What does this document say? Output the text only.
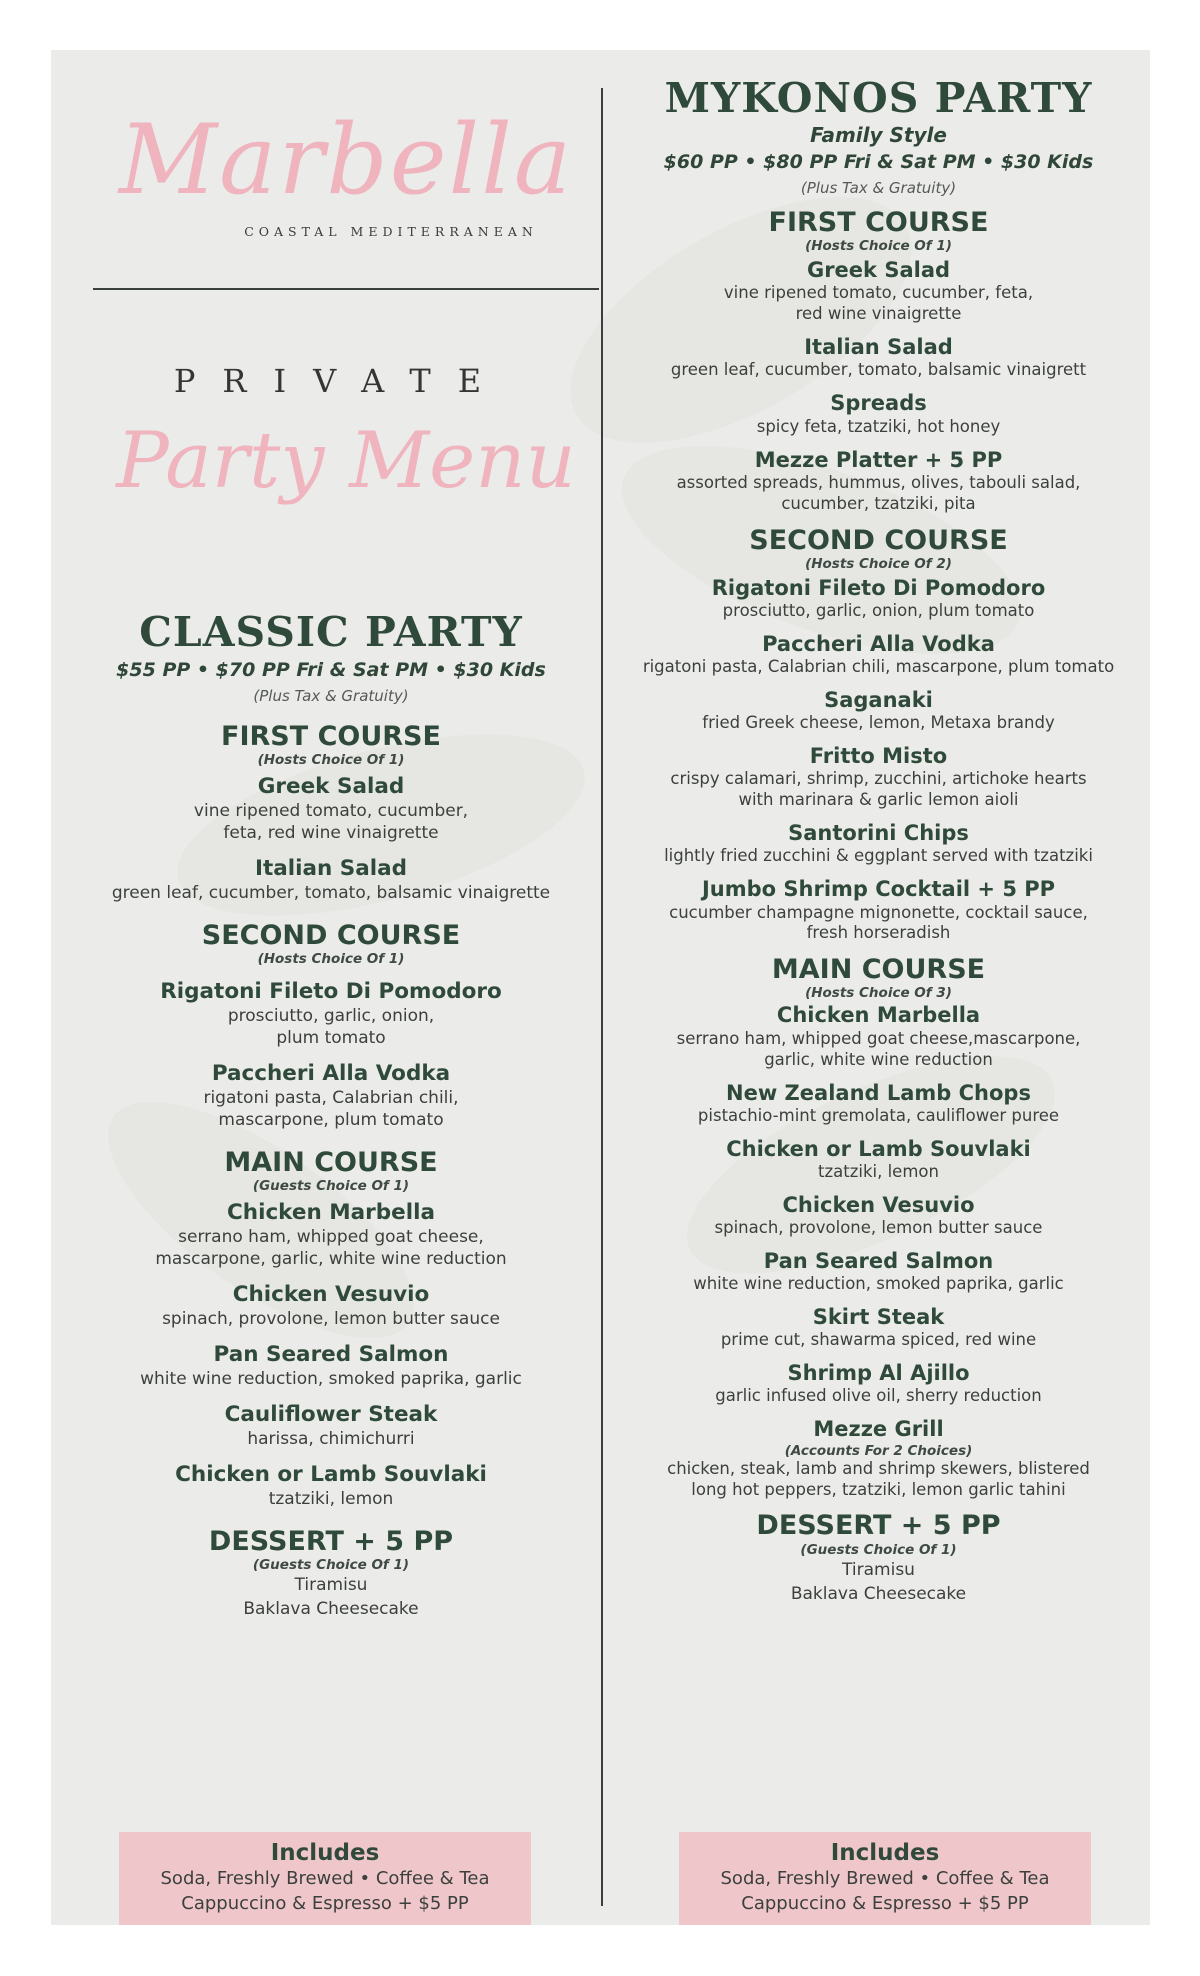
Marbella
COASTAL MEDITERRANEAN
PRIVATE
Party Menu
CLASSIC PARTY
$55 PP • $70 PP Fri & Sat PM • $30 Kids
(Plus Tax & Gratuity)
FIRST COURSE
(Hosts Choice Of 1)
Greek Salad
vine ripened tomato, cucumber,
feta, red wine vinaigrette
Italian Salad
green leaf, cucumber, tomato, balsamic vinaigrette
SECOND COURSE
(Hosts Choice Of 1)
Rigatoni Fileto Di Pomodoro
prosciutto, garlic, onion,
plum tomato
Paccheri Alla Vodka
rigatoni pasta, Calabrian chili,
mascarpone, plum tomato
MAIN COURSE
(Guests Choice Of 1)
Chicken Marbella
serrano ham, whipped goat cheese,
mascarpone, garlic, white wine reduction
Chicken Vesuvio
spinach, provolone, lemon butter sauce
Pan Seared Salmon
white wine reduction, smoked paprika, garlic
Cauliflower Steak
harissa, chimichurri
Chicken or Lamb Souvlaki
tzatziki, lemon
DESSERT + 5 PP
(Guests Choice Of 1)
Tiramisu
Baklava Cheesecake
Includes
Soda, Freshly Brewed • Coffee & Tea
Cappuccino & Espresso + $5 PP
MYKONOS PARTY
Family Style
$60 PP • $80 PP Fri & Sat PM • $30 Kids
(Plus Tax & Gratuity)
FIRST COURSE
(Hosts Choice Of 1)
Greek Salad
vine ripened tomato, cucumber, feta,
red wine vinaigrette
Italian Salad
green leaf, cucumber, tomato, balsamic vinaigrett
Spreads
spicy feta, tzatziki, hot honey
Mezze Platter + 5 PP
assorted spreads, hummus, olives, tabouli salad,
cucumber, tzatziki, pita
SECOND COURSE
(Hosts Choice Of 2)
Rigatoni Fileto Di Pomodoro
prosciutto, garlic, onion, plum tomato
Paccheri Alla Vodka
rigatoni pasta, Calabrian chili, mascarpone, plum tomato
Saganaki
fried Greek cheese, lemon, Metaxa brandy
Fritto Misto
crispy calamari, shrimp, zucchini, artichoke hearts
with marinara & garlic lemon aioli
Santorini Chips
lightly fried zucchini & eggplant served with tzatziki
Jumbo Shrimp Cocktail + 5 PP
cucumber champagne mignonette, cocktail sauce,
fresh horseradish
MAIN COURSE
(Hosts Choice Of 3)
Chicken Marbella
serrano ham, whipped goat cheese,mascarpone,
garlic, white wine reduction
New Zealand Lamb Chops
pistachio-mint gremolata, cauliflower puree
Chicken or Lamb Souvlaki
tzatziki, lemon
Chicken Vesuvio
spinach, provolone, lemon butter sauce
Pan Seared Salmon
white wine reduction, smoked paprika, garlic
Skirt Steak
prime cut, shawarma spiced, red wine
Shrimp Al Ajillo
garlic infused olive oil, sherry reduction
Mezze Grill
(Accounts For 2 Choices)
chicken, steak, lamb and shrimp skewers, blistered
long hot peppers, tzatziki, lemon garlic tahini
DESSERT + 5 PP
(Guests Choice Of 1)
Tiramisu
Baklava Cheesecake
Includes
Soda, Freshly Brewed • Coffee & Tea
Cappuccino & Espresso + $5 PP
